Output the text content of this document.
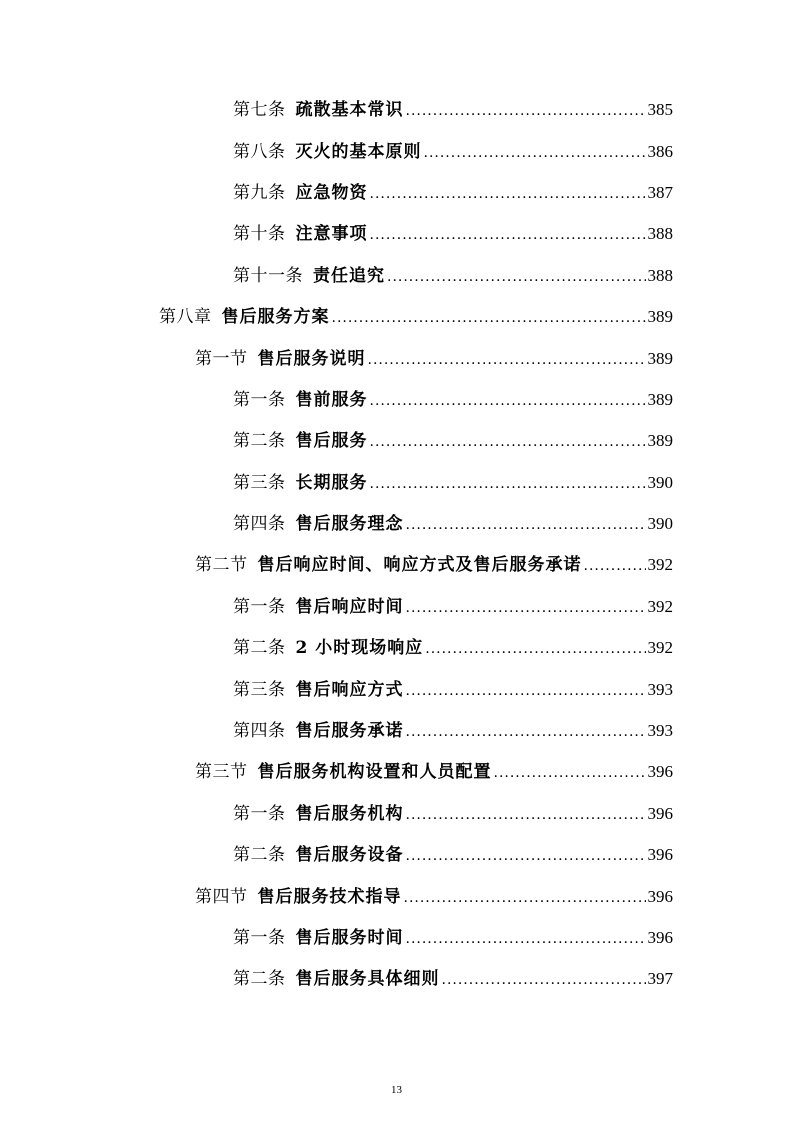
第七条 疏散基本常识 .....	385
第八条 灭火的基本原则 .....	386
第九条 应急物资 .....	387
第十条 注意事项 .....	388
第十一条 责任追究 .....	388
第八章 售后服务方案 .....	389
第一节 售后服务说明 .....	389
第一条 售前服务 .....	389
第二条 售后服务 .....	389
第三条 长期服务 .....	390
第四条 售后服务理念 .....	390
第二节 售后响应时间、响应方式及售后服务承诺 .....	392
第一条 售后响应时间 .....	392
第二条 2 小时现场响应 .....	392
第三条 售后响应方式 .....	393
第四条 售后服务承诺 .....	393
第三节 售后服务机构设置和人员配置 .....	396
第一条 售后服务机构 .....	396
第二条 售后服务设备 .....	396
第四节 售后服务技术指导 .....	396
第一条 售后服务时间 .....	396
第二条 售后服务具体细则 .....	397
13
